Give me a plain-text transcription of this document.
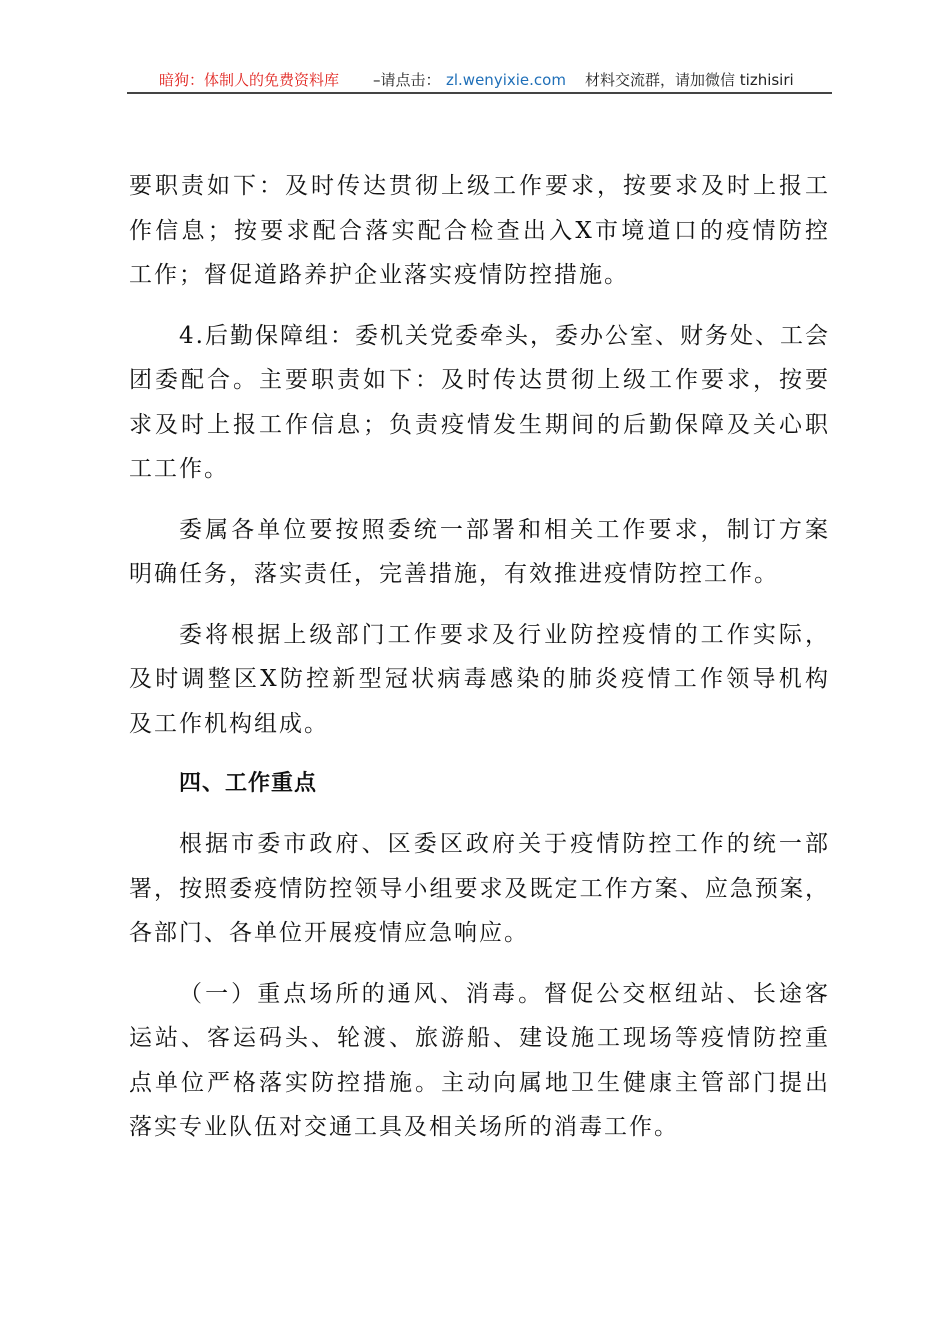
暗狗：体制人的免费资料库 –请点击： zl.wenyixie.com 材料交流群，请加微信 tizhisiri
要职责如下：及时传达贯彻上级工作要求，按要求及时上报工
作信息；按要求配合落实配合检查出入X市境道口的疫情防控
工作；督促道路养护企业落实疫情防控措施。
4.后勤保障组：委机关党委牵头，委办公室、财务处、工会
团委配合。主要职责如下：及时传达贯彻上级工作要求，按要
求及时上报工作信息；负责疫情发生期间的后勤保障及关心职
工工作。
委属各单位要按照委统一部署和相关工作要求，制订方案
明确任务，落实责任，完善措施，有效推进疫情防控工作。
委将根据上级部门工作要求及行业防控疫情的工作实际，
及时调整区X防控新型冠状病毒感染的肺炎疫情工作领导机构
及工作机构组成。
四、工作重点
根据市委市政府、区委区政府关于疫情防控工作的统一部
署，按照委疫情防控领导小组要求及既定工作方案、应急预案，
各部门、各单位开展疫情应急响应。
（一）重点场所的通风、消毒。督促公交枢纽站、长途客
运站、客运码头、轮渡、旅游船、建设施工现场等疫情防控重
点单位严格落实防控措施。主动向属地卫生健康主管部门提出
落实专业队伍对交通工具及相关场所的消毒工作。
